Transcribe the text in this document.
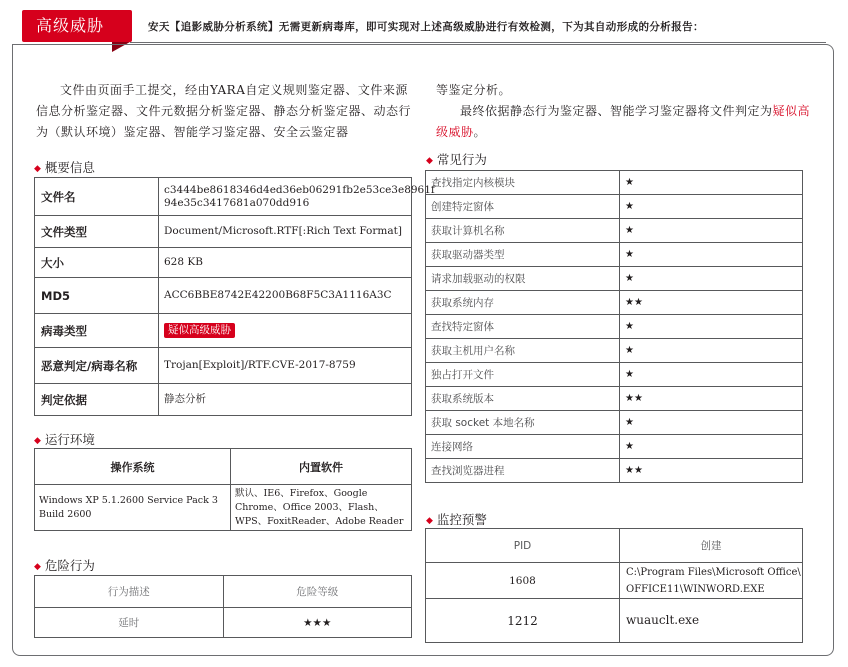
高级威胁	安天【追影威胁分析系统】无需更新病毒库，即可实现对上述高级威胁进行有效检测，下为其自动形成的分析报告：
文件由页面手工提交，经由YARA自定义规则鉴定器、文件来源信息分析鉴定器、文件元数据分析鉴定器、静态分析鉴定器、动态行为（默认环境）鉴定器、智能学习鉴定器、安全云鉴定器
等鉴定分析。
最终依据静态行为鉴定器、智能学习鉴定器将文件判定为疑似高级威胁。
◆ 概要信息
文件名	c3444be8618346d4ed36eb06291fb2e53ce3e8961f
94e35c3417681a070dd916

文件类型	Document/Microsoft.RTF[:Rich Text Format]
大小	628 KB
MD5	ACC6BBE8742E42200B68F5C3A1116A3C
病毒类型	疑似高级威胁
恶意判定/病毒名称	Trojan[Exploit]/RTF.CVE-2017-8759
判定依据	静态分析
◆ 运行环境
操作系统	内置软件
Windows XP 5.1.2600 Service Pack 3 Build 2600	默认、IE6、Firefox、Google Chrome、Office 2003、Flash、WPS、FoxitReader、Adobe Reader
◆ 危险行为
行为描述	危险等级
延时	★★★
◆ 常见行为
查找指定内核模块	★
创建特定窗体	★
获取计算机名称	★
获取驱动器类型	★
请求加载驱动的权限	★
获取系统内存	★★
查找特定窗体	★
获取主机用户名称	★
独占打开文件	★
获取系统版本	★★
获取 socket 本地名称	★
连接网络	★
查找浏览器进程	★★
◆ 监控预警
PID	创建
1608	C:\Program Files\Microsoft Office\
OFFICE11\WINWORD.EXE

1212	wuauclt.exe
